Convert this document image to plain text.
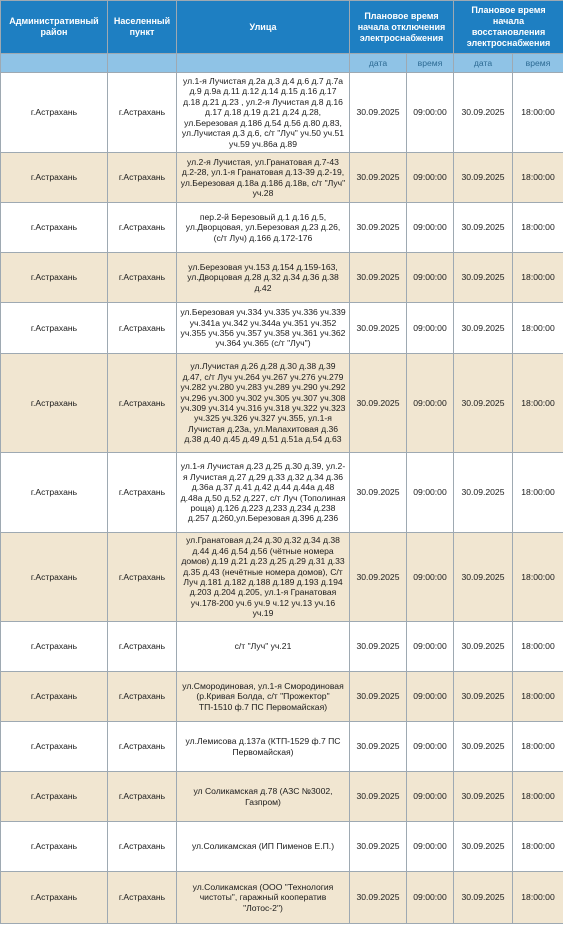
Административный район	Населенный пункт	Улица	Плановое время начала отключения электроснабжения		Плановое время начала восстановления электроснабжения	
			дата	время	дата	время
г.Астрахань	г.Астрахань	ул.1-я Лучистая д.2а д.3 д.4 д.6 д.7 д.7а д.9 д.9а д.11 д.12 д.14 д.15 д.16 д.17 д.18 д.21 д.23 , ул.2-я Лучистая д.8 д.16 д.17 д.18 д.19 д.21 д.24 д.28, ул.Березовая д.186 д.54 д.56 д.80 д.83, ул.Лучистая д.3 д.6, с/т "Луч" уч.50 уч.51 уч.59 уч.86а д.89	30.09.2025	09:00:00	30.09.2025	18:00:00
г.Астрахань	г.Астрахань	ул.2-я Лучистая, ул.Гранатовая д.7-43 д.2-28, ул.1-я Гранатовая д.13-39 д.2-19, ул.Березовая д.18а д.186 д.18в, с/т "Луч" уч.28	30.09.2025	09:00:00	30.09.2025	18:00:00
г.Астрахань	г.Астрахань	пер.2-й Березовый д.1 д.16 д.5, ул.Дворцовая, ул.Березовая д.23 д.26, (с/т Луч) д.166 д.172-176	30.09.2025	09:00:00	30.09.2025	18:00:00
г.Астрахань	г.Астрахань	ул.Березовая уч.153 д.154 д.159-163, ул.Дворцовая д.28 д.32 д.34 д.36 д.38 д.42	30.09.2025	09:00:00	30.09.2025	18:00:00
г.Астрахань	г.Астрахань	ул.Березовая уч.334 уч.335 уч.336 уч.339 уч.341а уч.342 уч.344а уч.351 уч.352 уч.355 уч.356 уч.357 уч.358 уч.361 уч.362 уч.364 уч.365 (с/т "Луч")	30.09.2025	09:00:00	30.09.2025	18:00:00
г.Астрахань	г.Астрахань	ул.Лучистая д.26 д.28 д.30 д.38 д.39 д.47, с/т Луч уч.264 уч.267 уч.276 уч.279 уч.282 уч.280 уч.283 уч.289 уч.290 уч.292 уч.296 уч.300 уч.302 уч.305 уч.307 уч.308 уч.309 уч.314 уч.316 уч.318 уч.322 уч.323 уч.325 уч.326 уч.327 уч.355, ул.1-я Лучистая д.23а, ул.Малахитовая д.36 д.38 д.40 д.45 д.49 д.51 д.51а д.54 д.63	30.09.2025	09:00:00	30.09.2025	18:00:00
г.Астрахань	г.Астрахань	ул.1-я Лучистая д.23 д.25 д.30 д.39, ул.2-я Лучистая д.27 д.29 д.33 д.32 д.34 д.36 д.36а д.37 д.41 д.42 д.44 д.44а д.48 д.48а д.50 д.52 д.227, с/т Луч (Тополиная роща) д.126 д.223 д.233 д.234 д.238 д.257 д.260,ул.Березовая д.396 д.236	30.09.2025	09:00:00	30.09.2025	18:00:00
г.Астрахань	г.Астрахань	ул.Гранатовая д.24 д.30 д.32 д.34 д.38 д.44 д.46 д.54 д.56 (чётные номера домов) д.19 д.21 д.23 д.25 д.29 д.31 д.33 д.35 д.43 (нечётные номера домов), С/т Луч д.181 д.182 д.188 д.189 д.193 д.194 д.203 д.204 д.205, ул.1-я Гранатовая уч.178-200 уч.6 уч.9 ч.12 уч.13 уч.16 уч.19	30.09.2025	09:00:00	30.09.2025	18:00:00
г.Астрахань	г.Астрахань	с/т "Луч" уч.21	30.09.2025	09:00:00	30.09.2025	18:00:00
г.Астрахань	г.Астрахань	ул.Смородиновая, ул.1-я Смородиновая (р.Кривая Болда, с/т "Прожектор" ТП-1510 ф.7 ПС Первомайская)	30.09.2025	09:00:00	30.09.2025	18:00:00
г.Астрахань	г.Астрахань	ул.Лемисова д.137а (КТП-1529 ф.7 ПС Первомайская)	30.09.2025	09:00:00	30.09.2025	18:00:00
г.Астрахань	г.Астрахань	ул Соликамская д.78 (АЗС №3002, Газпром)	30.09.2025	09:00:00	30.09.2025	18:00:00
г.Астрахань	г.Астрахань	ул.Соликамская (ИП Пименов Е.П.)	30.09.2025	09:00:00	30.09.2025	18:00:00
г.Астрахань	г.Астрахань	ул.Соликамская (ООО "Технология чистоты", гаражный кооператив "Лотос-2")	30.09.2025	09:00:00	30.09.2025	18:00:00
